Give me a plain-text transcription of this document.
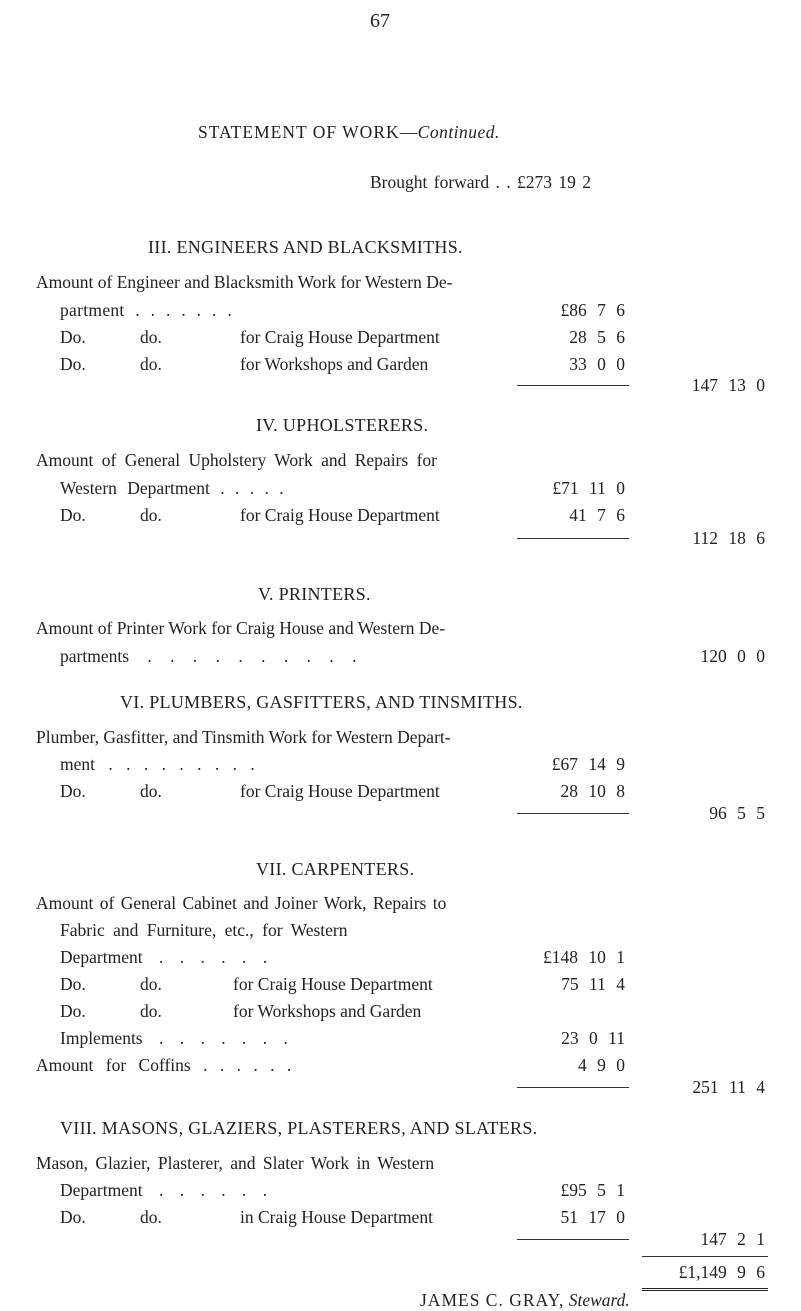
67
STATEMENT OF WORK—Continued.
Brought forward . . £273 19 2
III. ENGINEERS AND BLACKSMITHS.
Amount of Engineer and Blacksmith Work for Western De-
partment . . . . . . .	£86 7 6
Do.	do.	for Craig House Department	28 5 6
Do.	do.	for Workshops and Garden	33 0 0
147 13 0
IV. UPHOLSTERERS.
Amount of General Upholstery Work and Repairs for
Western Department . . . . .	£71 11 0
Do.	do.	for Craig House Department	41 7 6
112 18 6
V. PRINTERS.
Amount of Printer Work for Craig House and Western De-
partments . . . . . . . . . .	120 0 0
VI. PLUMBERS, GASFITTERS, AND TINSMITHS.
Plumber, Gasfitter, and Tinsmith Work for Western Depart-
ment . . . . . . . . .	£67 14 9
Do.	do.	for Craig House Department	28 10 8
96 5 5
VII. CARPENTERS.
Amount of General Cabinet and Joiner Work, Repairs to
Fabric and Furniture, etc., for Western
Department . . . . . .	£148 10 1
Do.	do.	for Craig House Department	75 11 4
Do.	do.	for Workshops and Garden
Implements . . . . . . .	23 0 11
Amount for Coffins . . . . . .	4 9 0
251 11 4
VIII. MASONS, GLAZIERS, PLASTERERS, AND SLATERS.
Mason, Glazier, Plasterer, and Slater Work in Western
Department . . . . . .	£95 5 1
Do.	do.	in Craig House Department	51 17 0
147 2 1
£1,149 9 6
JAMES C. GRAY, Steward.
